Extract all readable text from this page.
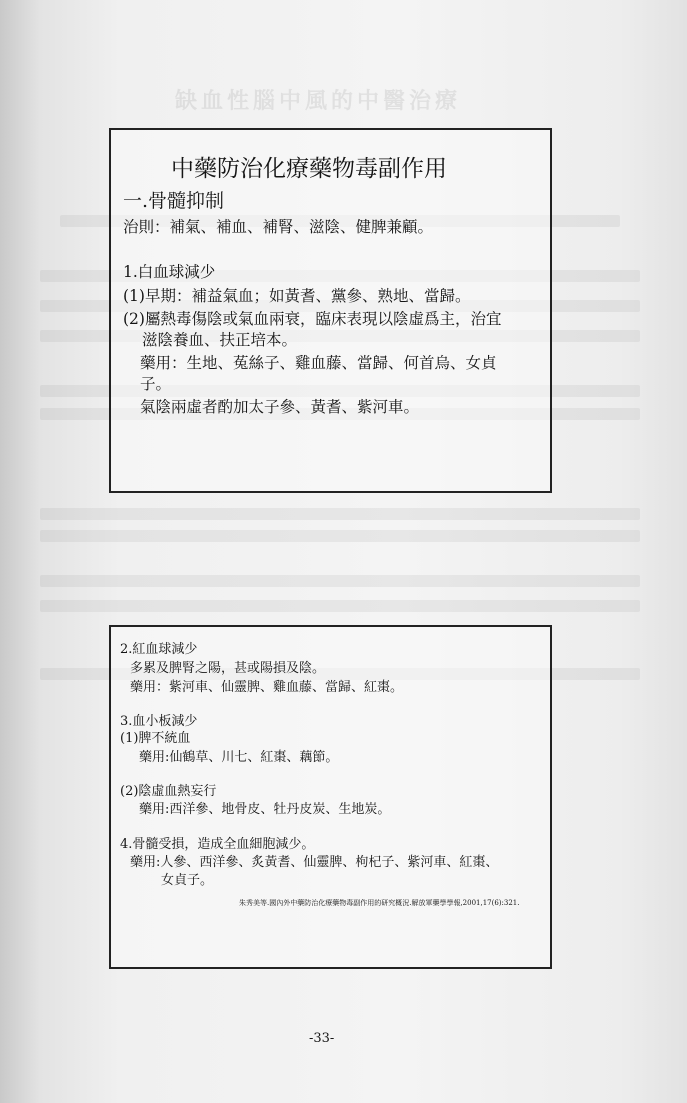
缺血性腦中風的中醫治療
中藥防治化療藥物毒副作用
一.骨髓抑制
治則：補氣、補血、補腎、滋陰、健脾兼顧。
1.白血球減少
(1)早期：補益氣血；如黃耆、黨參、熟地、當歸。
(2)屬熱毒傷陰或氣血兩衰，臨床表現以陰虛爲主，治宜
滋陰養血、扶正培本。
藥用：生地、菟絲子、雞血藤、當歸、何首烏、女貞
子。
氣陰兩虛者酌加太子參、黃耆、紫河車。
2.紅血球減少
多累及脾腎之陽，甚或陽損及陰。
藥用：紫河車、仙靈脾、雞血藤、當歸、紅棗。
3.血小板減少
(1)脾不統血
藥用:仙鶴草、川七、紅棗、藕節。
(2)陰虛血熱妄行
藥用:西洋參、地骨皮、牡丹皮炭、生地炭。
4.骨髓受損，造成全血細胞減少。
藥用:人參、西洋參、炙黃耆、仙靈脾、枸杞子、紫河車、紅棗、
女貞子。
朱秀美等.國內外中藥防治化療藥物毒副作用的研究概況.解放軍藥學學報,2001,17(6):321.
-33-
